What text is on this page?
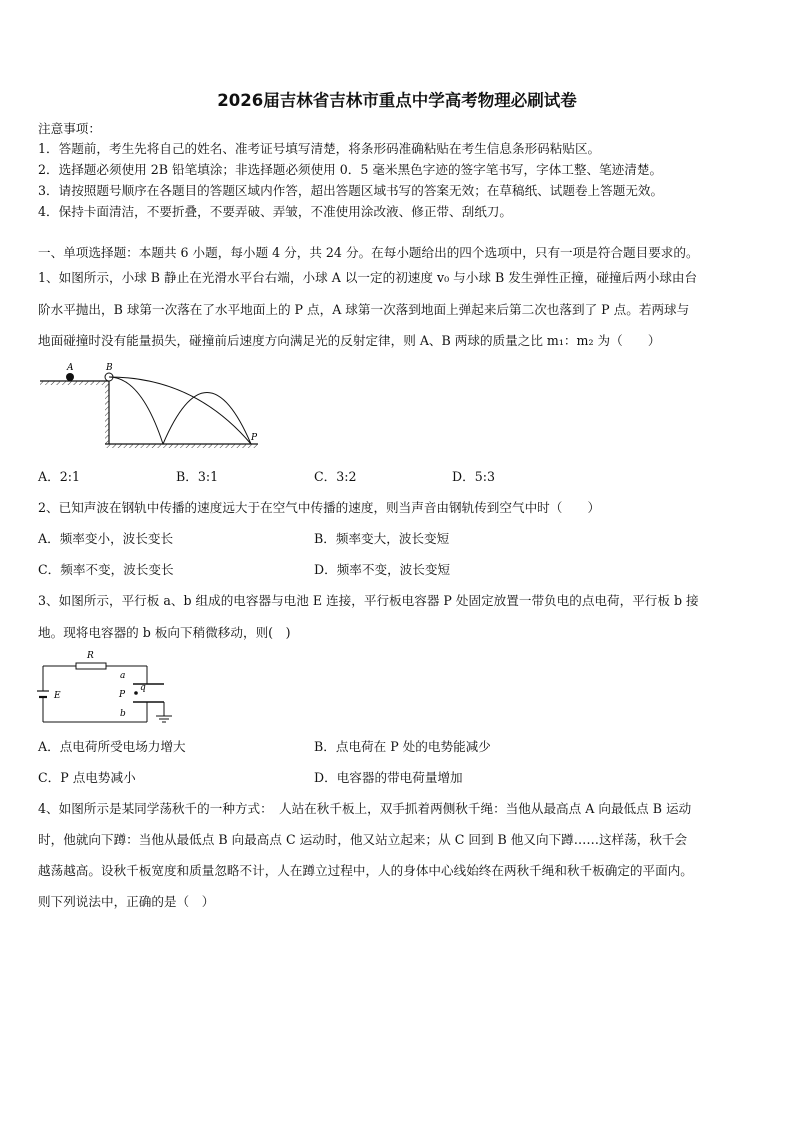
2026届吉林省吉林市重点中学高考物理必刷试卷
注意事项：
1．答题前，考生先将自己的姓名、准考证号填写清楚，将条形码准确粘贴在考生信息条形码粘贴区。
2．选择题必须使用 2B 铅笔填涂；非选择题必须使用 0．5 毫米黑色字迹的签字笔书写，字体工整、笔迹清楚。
3．请按照题号顺序在各题目的答题区域内作答，超出答题区域书写的答案无效；在草稿纸、试题卷上答题无效。
4．保持卡面清洁，不要折叠，不要弄破、弄皱，不准使用涂改液、修正带、刮纸刀。
一、单项选择题：本题共 6 小题，每小题 4 分，共 24 分。在每小题给出的四个选项中，只有一项是符合题目要求的。
1、如图所示，小球 B 静止在光滑水平台右端，小球 A 以一定的初速度 v₀ 与小球 B 发生弹性正撞，碰撞后两小球由台
阶水平抛出，B 球第一次落在了水平地面上的 P 点，A 球第一次落到地面上弹起来后第二次也落到了 P 点。若两球与
地面碰撞时没有能量损失，碰撞前后速度方向满足光的反射定律，则 A、B 两球的质量之比 m₁：m₂ 为（　　）
A	B
P
A．2:1	B．3:1	C．3:2	D．5:3
2、已知声波在钢轨中传播的速度远大于在空气中传播的速度，则当声音由钢轨传到空气中时（　　）
A．频率变小，波长变长	B．频率变大，波长变短
C．频率不变，波长变长	D．频率不变，波长变短
3、如图所示，平行板 a、b 组成的电容器与电池 E 连接，平行板电容器 P 处固定放置一带负电的点电荷，平行板 b 接
地。现将电容器的 b 板向下稍微移动，则(　)
R
a
q
P
b
E
A．点电荷所受电场力增大	B．点电荷在 P 处的电势能减少
C．P 点电势减小	D．电容器的带电荷量增加
4、如图所示是某同学荡秋千的一种方式：　人站在秋千板上，双手抓着两侧秋千绳：当他从最高点 A 向最低点 B 运动
时，他就向下蹲：当他从最低点 B 向最高点 C 运动时，他又站立起来；从 C 回到 B 他又向下蹲……这样荡，秋千会
越荡越高。设秋千板宽度和质量忽略不计，人在蹲立过程中，人的身体中心线始终在两秋千绳和秋千板确定的平面内。
则下列说法中，正确的是（　）
